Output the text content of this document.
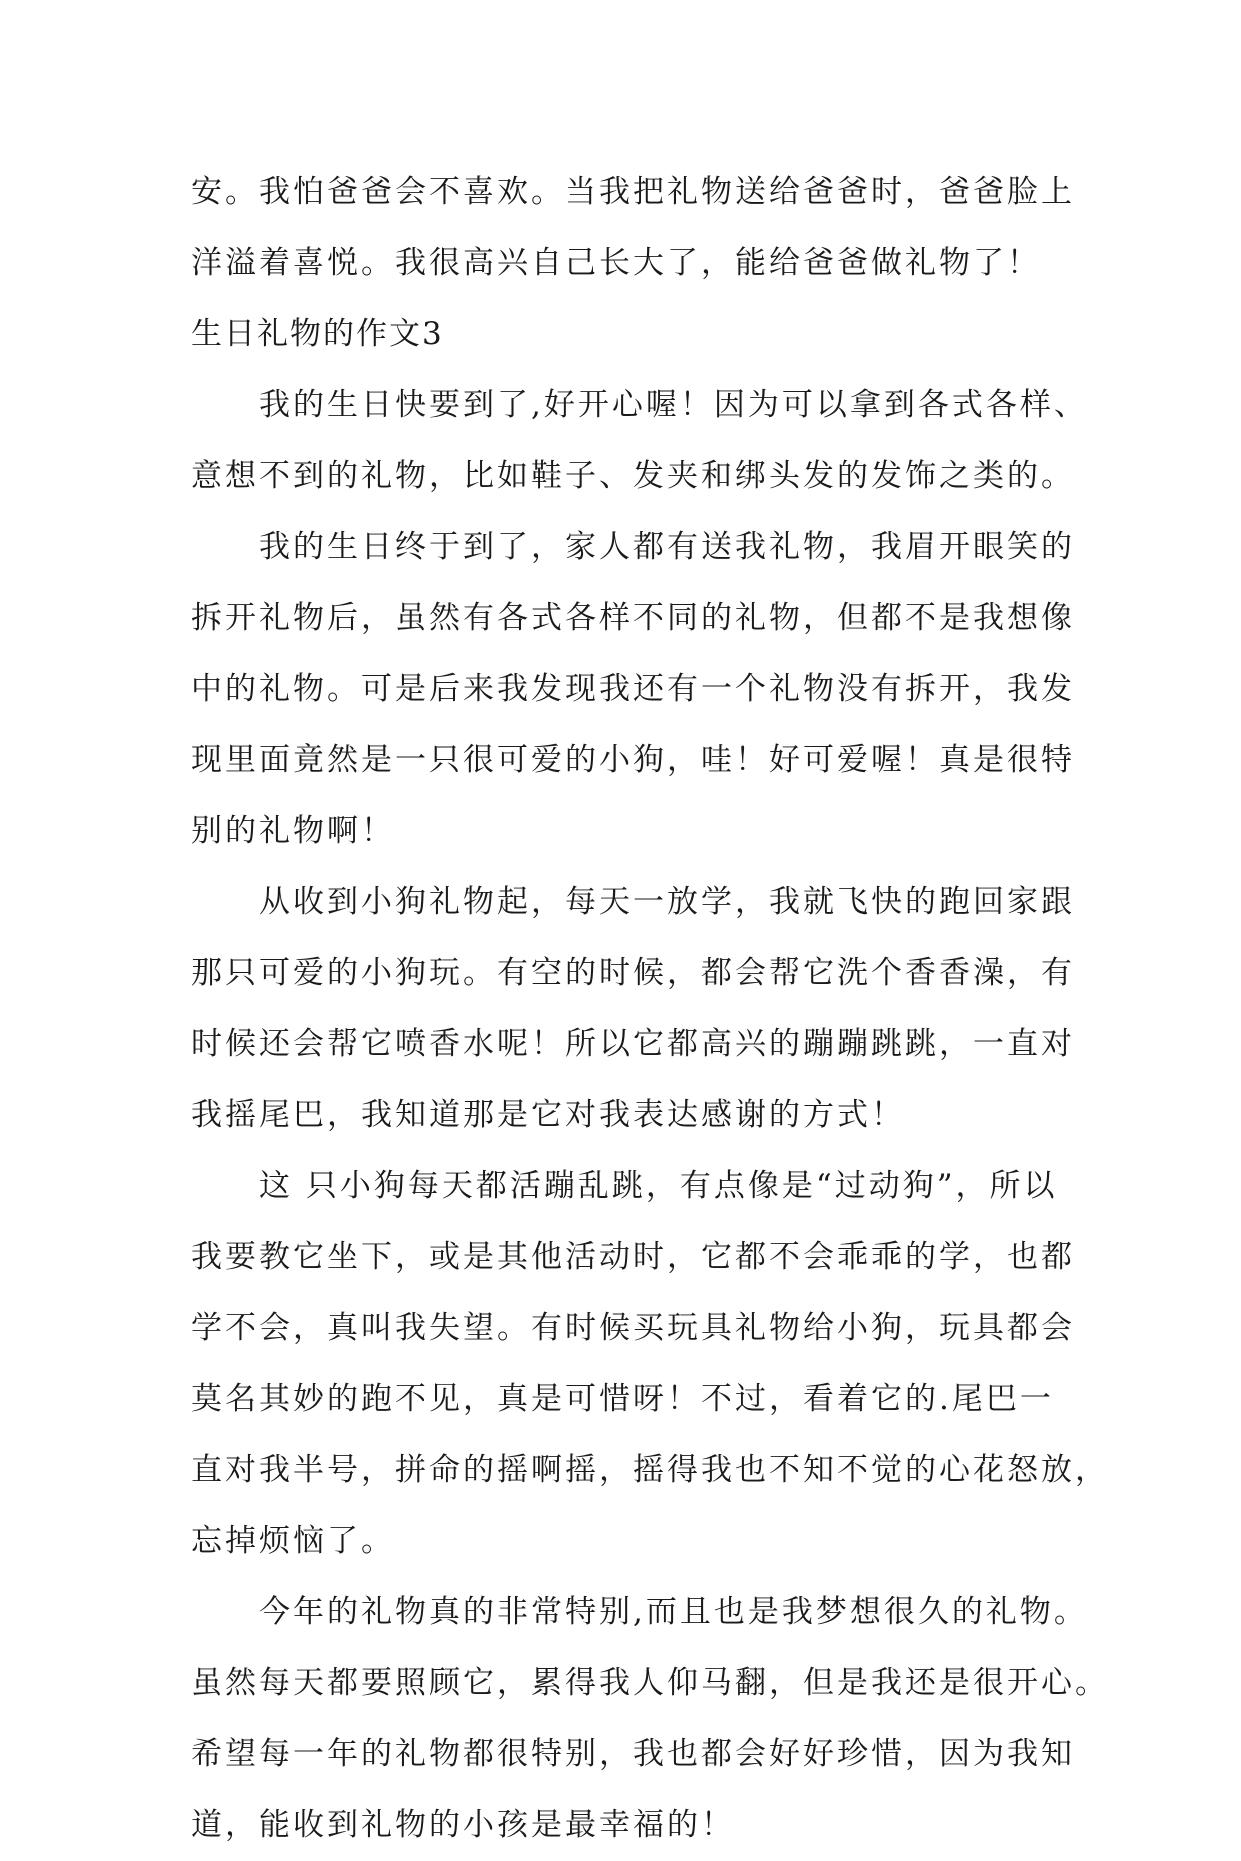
安。我怕爸爸会不喜欢。当我把礼物送给爸爸时，爸爸脸上
洋溢着喜悦。我很高兴自己长大了，能给爸爸做礼物了！
生日礼物的作文3
我的生日快要到了,好开心喔！因为可以拿到各式各样、
意想不到的礼物，比如鞋子、发夹和绑头发的发饰之类的。
我的生日终于到了，家人都有送我礼物，我眉开眼笑的
拆开礼物后，虽然有各式各样不同的礼物，但都不是我想像
中的礼物。可是后来我发现我还有一个礼物没有拆开，我发
现里面竟然是一只很可爱的小狗，哇！好可爱喔！真是很特
别的礼物啊！
从收到小狗礼物起，每天一放学，我就飞快的跑回家跟
那只可爱的小狗玩。有空的时候，都会帮它洗个香香澡，有
时候还会帮它喷香水呢！所以它都高兴的蹦蹦跳跳，一直对
我摇尾巴，我知道那是它对我表达感谢的方式！
这 只小狗每天都活蹦乱跳，有点像是“过动狗”，所以
我要教它坐下，或是其他活动时，它都不会乖乖的学，也都
学不会，真叫我失望。有时候买玩具礼物给小狗，玩具都会
莫名其妙的跑不见，真是可惜呀！不过，看着它的.尾巴一
直对我半号，拼命的摇啊摇，摇得我也不知不觉的心花怒放，
忘掉烦恼了。
今年的礼物真的非常特别,而且也是我梦想很久的礼物。
虽然每天都要照顾它，累得我人仰马翻，但是我还是很开心。
希望每一年的礼物都很特别，我也都会好好珍惜，因为我知
道，能收到礼物的小孩是最幸福的！
